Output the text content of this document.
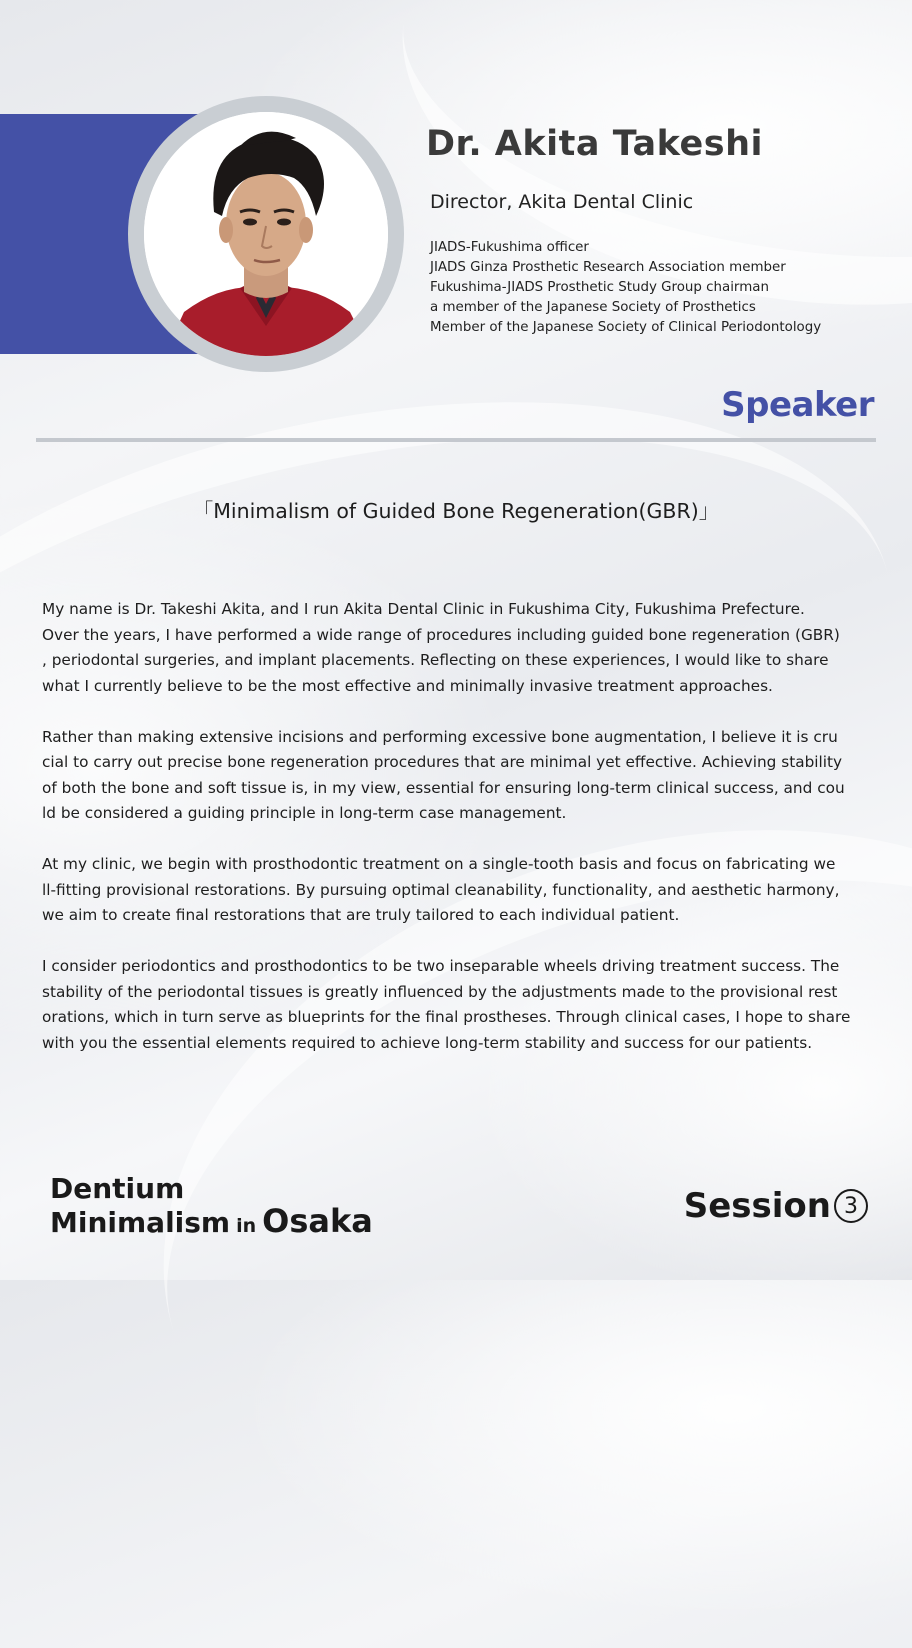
Dr. Akita Takeshi
Director, Akita Dental Clinic
JIADS-Fukushima officer
JIADS Ginza Prosthetic Research Association member
Fukushima-JIADS Prosthetic Study Group chairman
a member of the Japanese Society of Prosthetics
Member of the Japanese Society of Clinical Periodontology
Speaker
「Minimalism of Guided Bone Regeneration(GBR)」

My name is Dr. Takeshi Akita, and I run Akita Dental Clinic in Fukushima City, Fukushima Prefecture.
Over the years, I have performed a wide range of procedures including guided bone regeneration (GBR)
, periodontal surgeries, and implant placements. Reflecting on these experiences, I would like to share
what I currently believe to be the most effective and minimally invasive treatment approaches.

Rather than making extensive incisions and performing excessive bone augmentation, I believe it is cru
cial to carry out precise bone regeneration procedures that are minimal yet effective. Achieving stability
of both the bone and soft tissue is, in my view, essential for ensuring long-term clinical success, and cou
ld be considered a guiding principle in long-term case management.

At my clinic, we begin with prosthodontic treatment on a single-tooth basis and focus on fabricating we
ll-fitting provisional restorations. By pursuing optimal cleanability, functionality, and aesthetic harmony,
we aim to create final restorations that are truly tailored to each individual patient.

I consider periodontics and prosthodontics to be two inseparable wheels driving treatment success. The
stability of the periodontal tissues is greatly influenced by the adjustments made to the provisional rest
orations, which in turn serve as blueprints for the final prostheses. Through clinical cases, I hope to share
with you the essential elements required to achieve long-term stability and success for our patients.

Dentium
Minimalism in Osaka	Session 3
